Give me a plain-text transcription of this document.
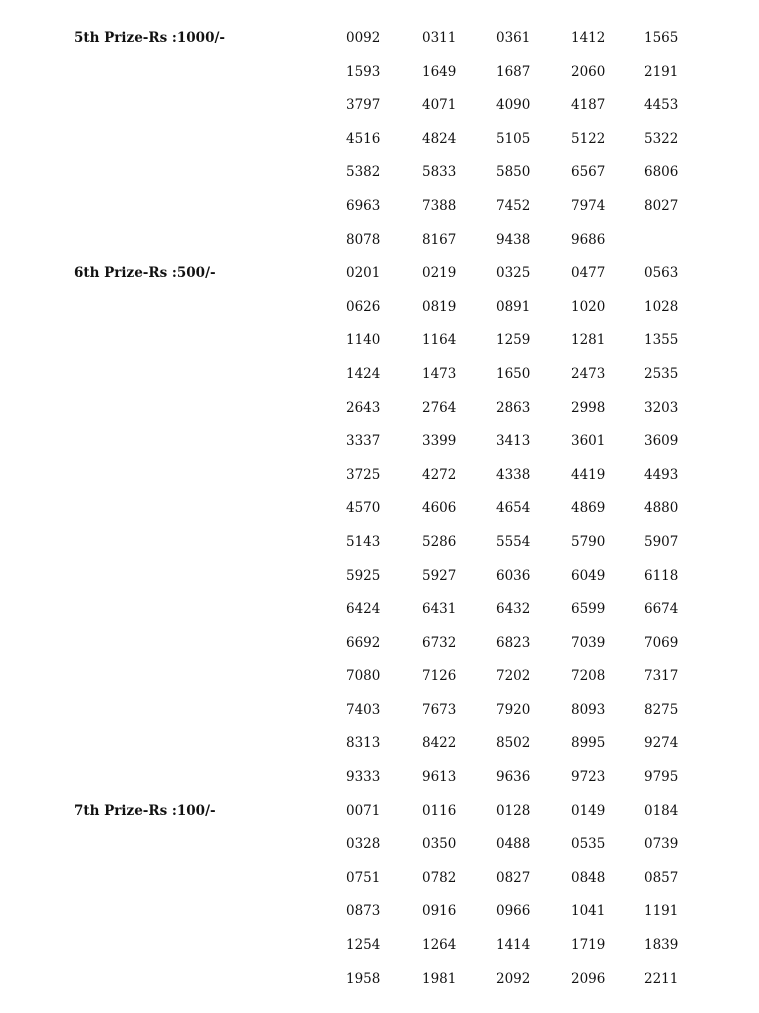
5th Prize-Rs :1000/-	0092	0311	0361	1412	1565
1593	1649	1687	2060	2191
3797	4071	4090	4187	4453
4516	4824	5105	5122	5322
5382	5833	5850	6567	6806
6963	7388	7452	7974	8027
8078	8167	9438	9686
6th Prize-Rs :500/-	0201	0219	0325	0477	0563
0626	0819	0891	1020	1028
1140	1164	1259	1281	1355
1424	1473	1650	2473	2535
2643	2764	2863	2998	3203
3337	3399	3413	3601	3609
3725	4272	4338	4419	4493
4570	4606	4654	4869	4880
5143	5286	5554	5790	5907
5925	5927	6036	6049	6118
6424	6431	6432	6599	6674
6692	6732	6823	7039	7069
7080	7126	7202	7208	7317
7403	7673	7920	8093	8275
8313	8422	8502	8995	9274
9333	9613	9636	9723	9795
7th Prize-Rs :100/-	0071	0116	0128	0149	0184
0328	0350	0488	0535	0739
0751	0782	0827	0848	0857
0873	0916	0966	1041	1191
1254	1264	1414	1719	1839
1958	1981	2092	2096	2211
